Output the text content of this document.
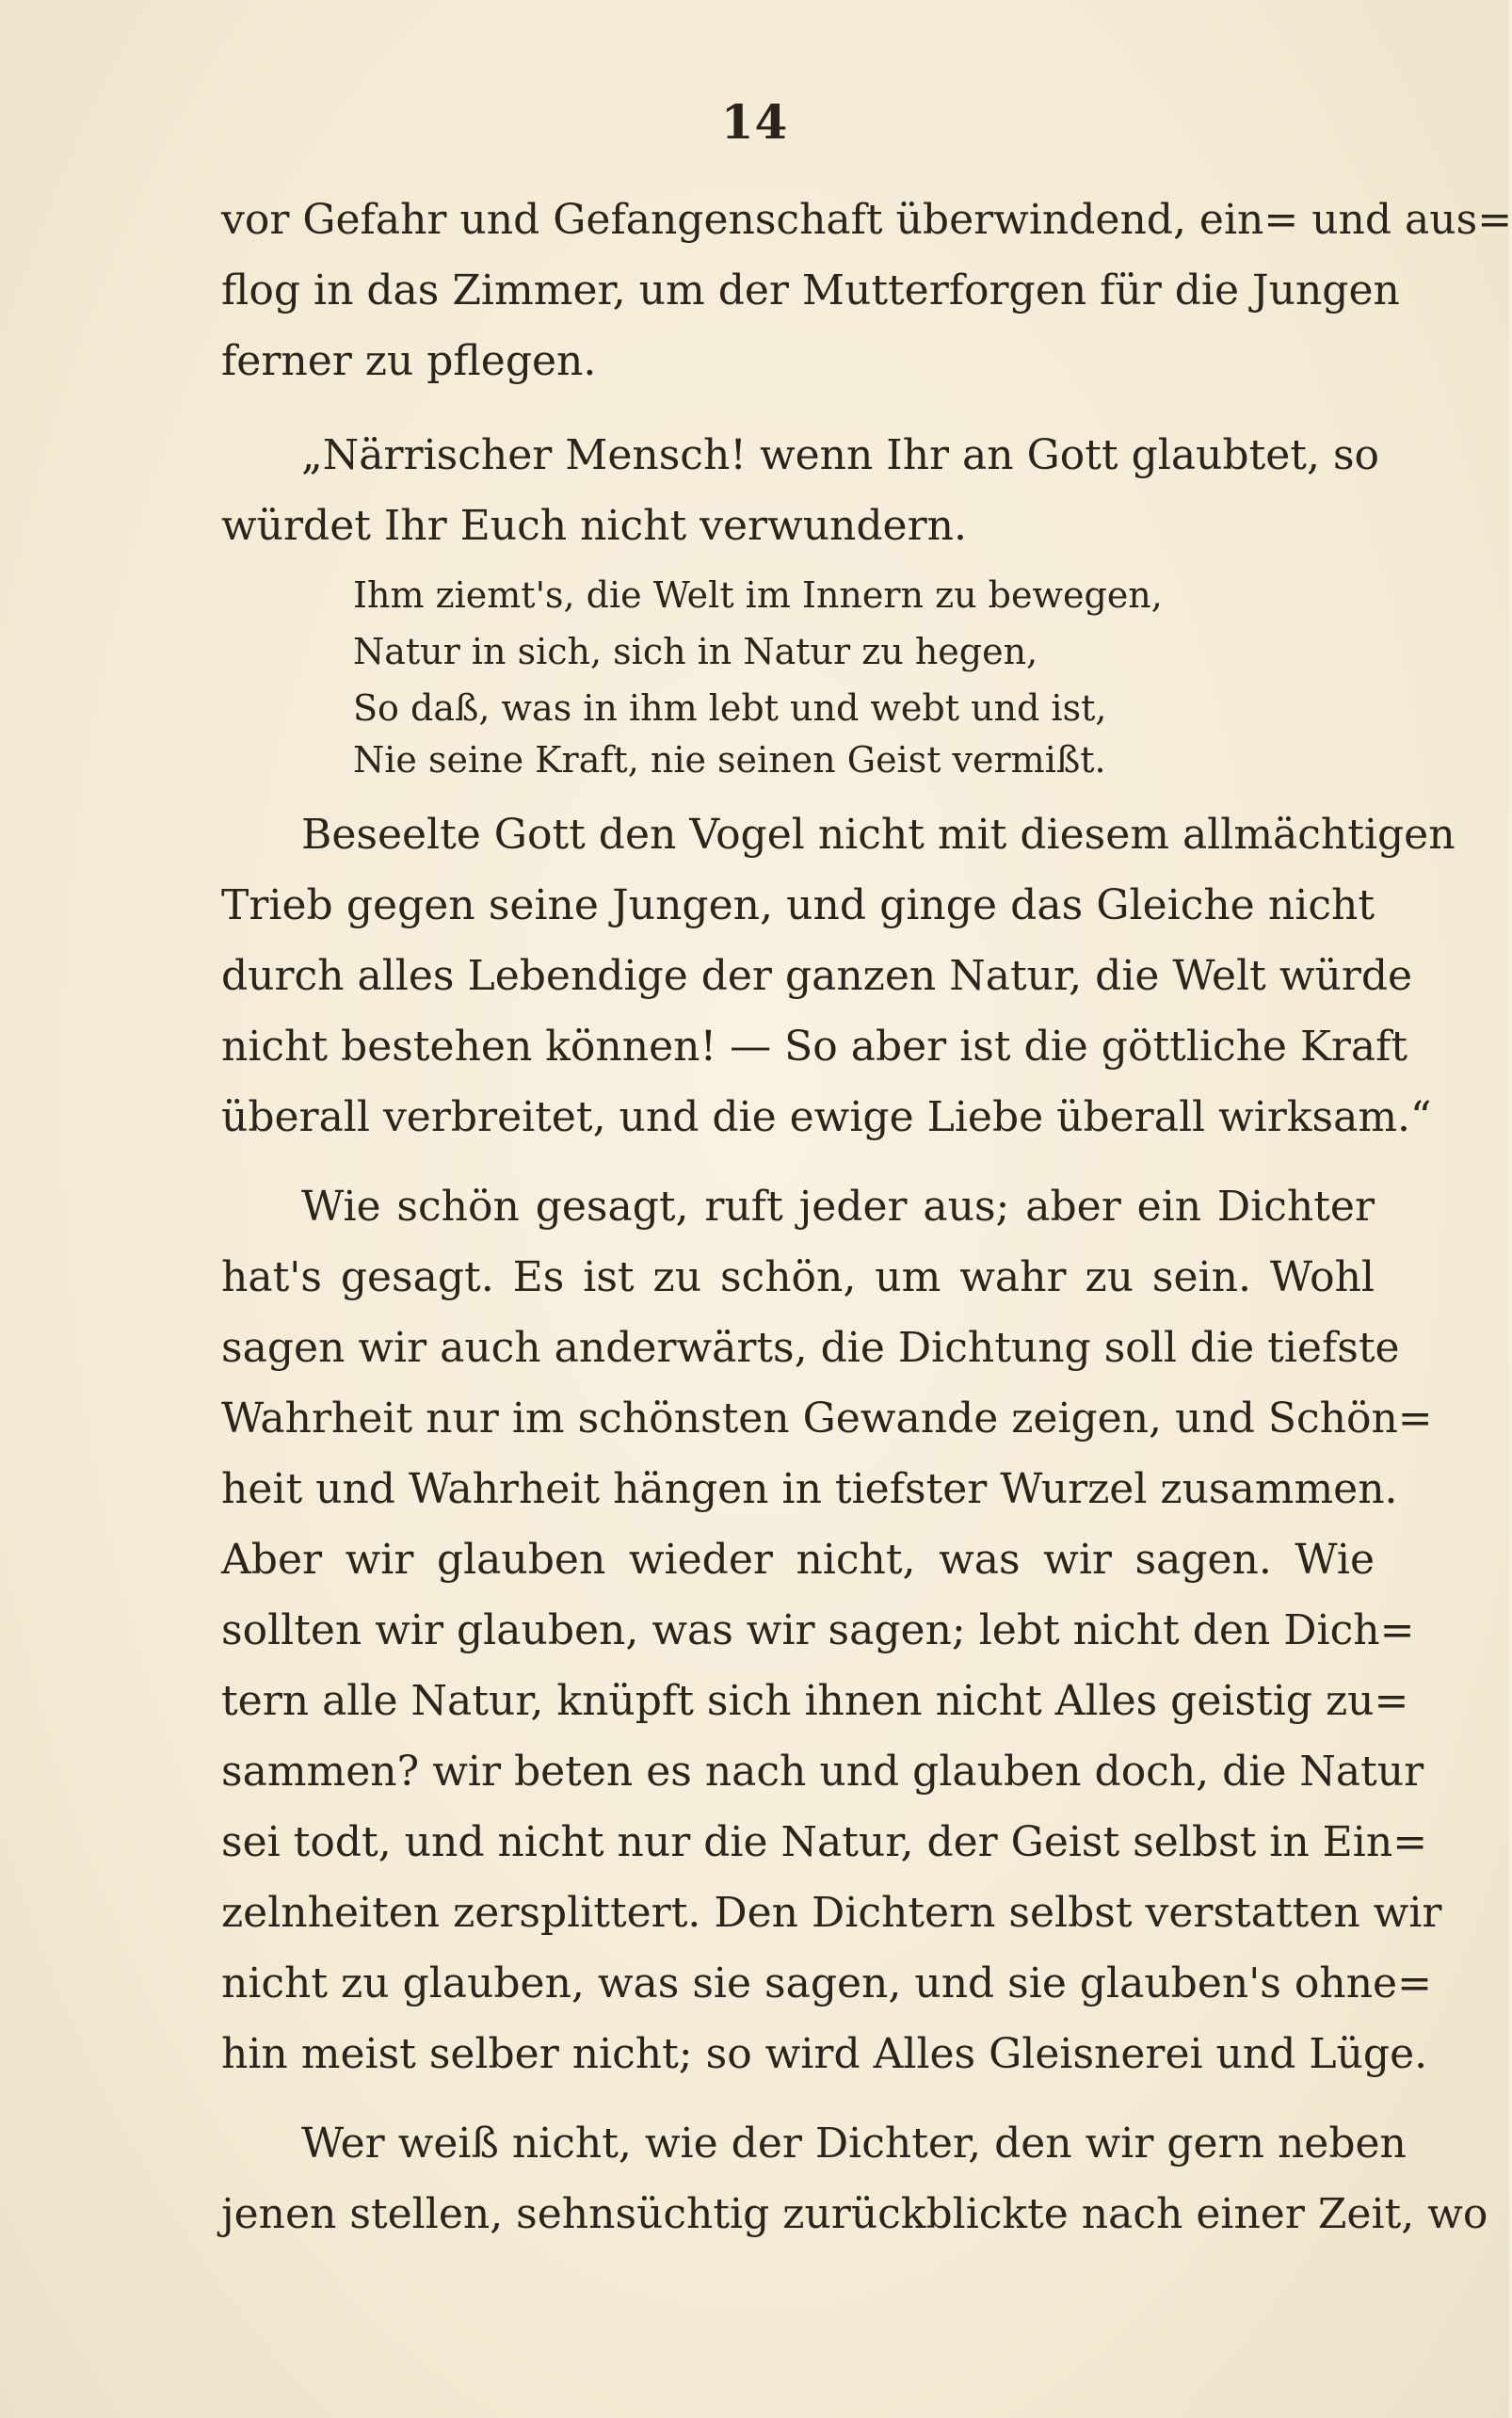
14
vor Gefahr und Gefangenschaft überwindend, ein= und aus=
flog in das Zimmer, um der Mutterforgen für die Jungen
ferner zu pflegen.
„Närrischer Mensch! wenn Ihr an Gott glaubtet, so
würdet Ihr Euch nicht verwundern.
Ihm ziemt's, die Welt im Innern zu bewegen,
Natur in sich, sich in Natur zu hegen,
So daß, was in ihm lebt und webt und ist,
Nie seine Kraft, nie seinen Geist vermißt.
Beseelte Gott den Vogel nicht mit diesem allmächtigen
Trieb gegen seine Jungen, und ginge das Gleiche nicht
durch alles Lebendige der ganzen Natur, die Welt würde
nicht bestehen können! — So aber ist die göttliche Kraft
überall verbreitet, und die ewige Liebe überall wirksam.“
Wie schön gesagt, ruft jeder aus; aber ein Dichter
hat's gesagt. Es ist zu schön, um wahr zu sein. Wohl
sagen wir auch anderwärts, die Dichtung soll die tiefste
Wahrheit nur im schönsten Gewande zeigen, und Schön=
heit und Wahrheit hängen in tiefster Wurzel zusammen.
Aber wir glauben wieder nicht, was wir sagen. Wie
sollten wir glauben, was wir sagen; lebt nicht den Dich=
tern alle Natur, knüpft sich ihnen nicht Alles geistig zu=
sammen? wir beten es nach und glauben doch, die Natur
sei todt, und nicht nur die Natur, der Geist selbst in Ein=
zelnheiten zersplittert. Den Dichtern selbst verstatten wir
nicht zu glauben, was sie sagen, und sie glauben's ohne=
hin meist selber nicht; so wird Alles Gleisnerei und Lüge.
Wer weiß nicht, wie der Dichter, den wir gern neben
jenen stellen, sehnsüchtig zurückblickte nach einer Zeit, wo
